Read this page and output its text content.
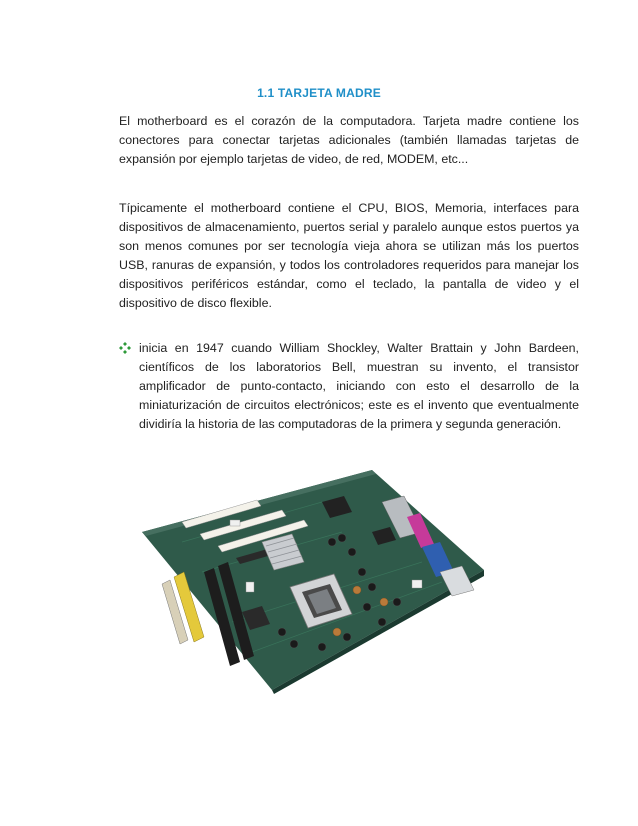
1.1 TARJETA MADRE

El motherboard es el corazón de la computadora. Tarjeta madre contiene los conectores para conectar tarjetas adicionales (también llamadas tarjetas de expansión por ejemplo tarjetas de video, de red, MODEM, etc...

Típicamente el motherboard contiene el CPU, BIOS, Memoria, interfaces para dispositivos de almacenamiento, puertos serial y paralelo aunque estos puertos ya son menos comunes por ser tecnología vieja ahora se utilizan más los puertos USB, ranuras de expansión, y todos los controladores requeridos para manejar los dispositivos periféricos estándar, como el teclado, la pantalla de video y el dispositivo de disco flexible.

inicia en 1947 cuando William Shockley, Walter Brattain y John Bardeen, científicos de los laboratorios Bell, muestran su invento, el transistor amplificador de punto-contacto, iniciando con esto el desarrollo de la miniaturización de circuitos electrónicos; este es el invento que eventualmente dividiría la historia de las computadoras de la primera y segunda generación.
